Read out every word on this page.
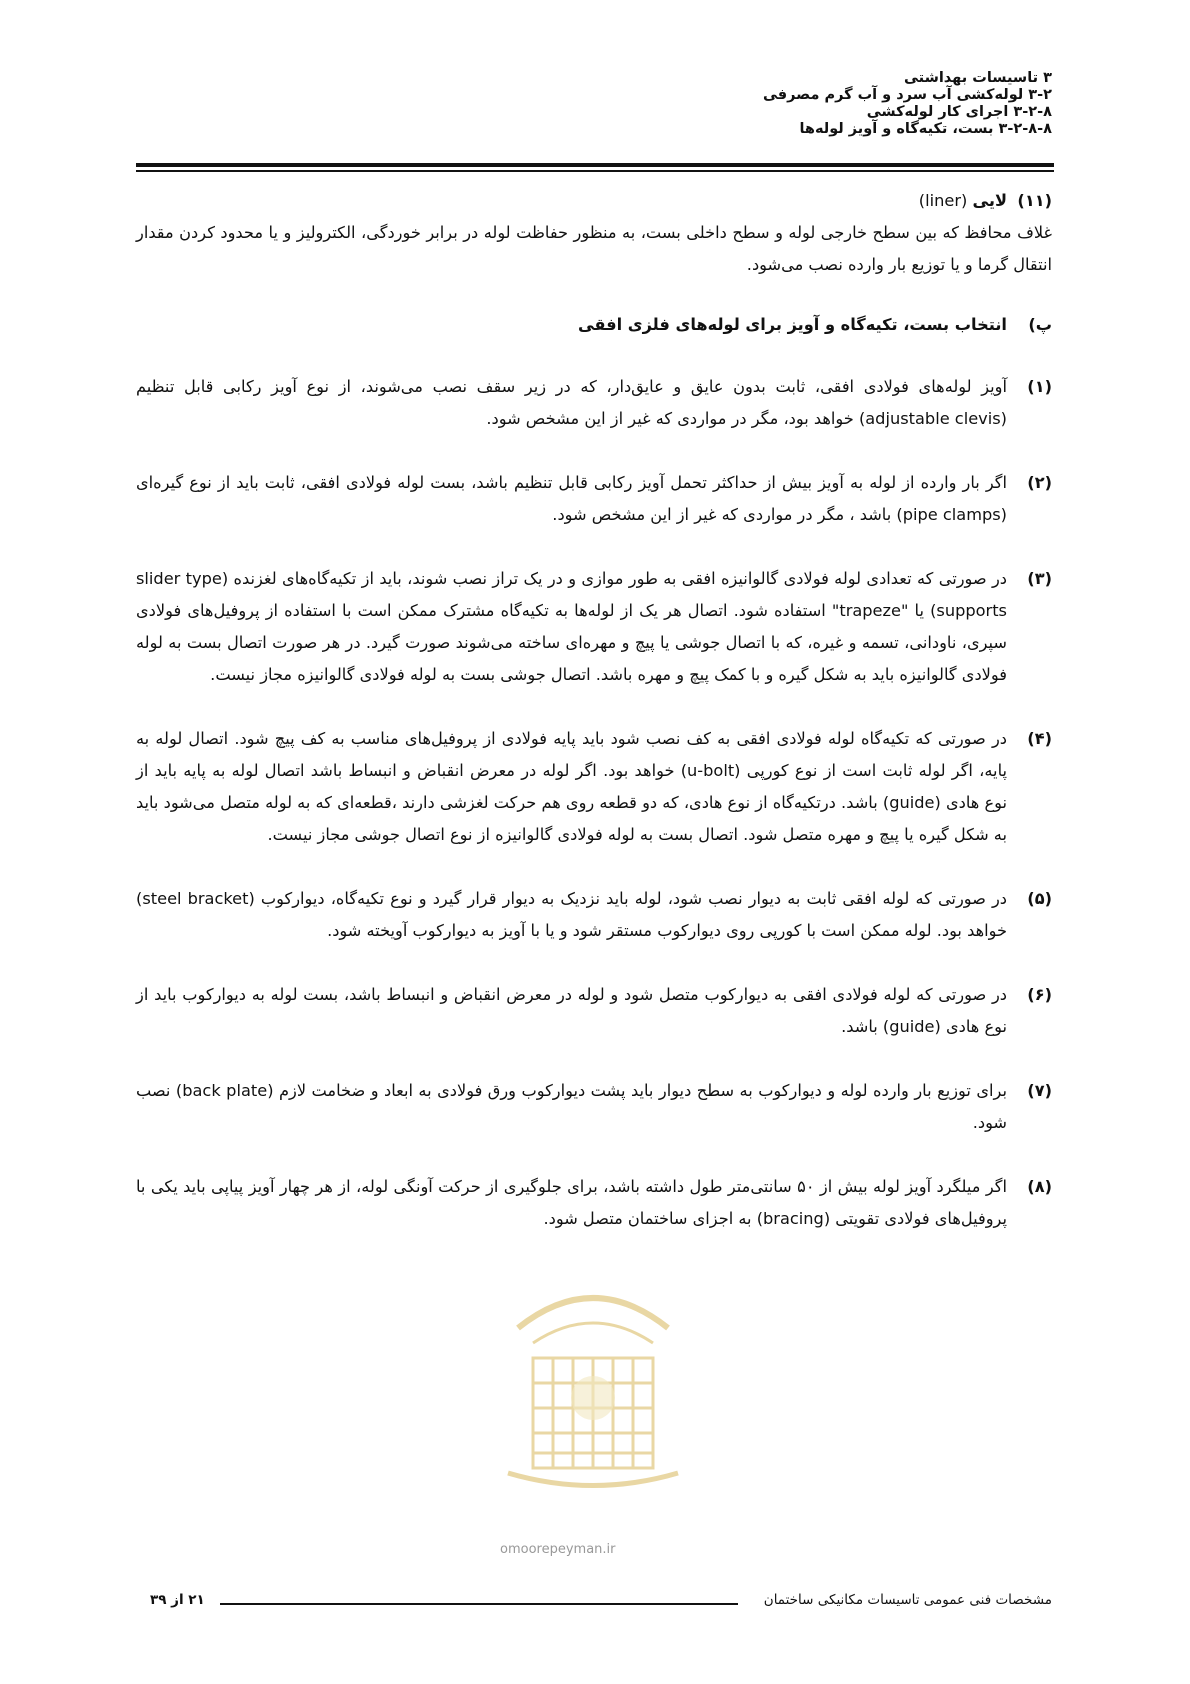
۳ تاسیسات بهداشتی
۳-۲ لوله‌کشی آب سرد و آب گرم مصرفی
۳-۲-۸ اجرای کار لوله‌کشی
۳-۲-۸-۸ بست، تکیه‌گاه و آویز لوله‌ها
(۱۱)
لایی (liner)
غلاف محافظ که بین سطح خارجی لوله و سطح داخلی بست، به منظور حفاظت لوله در برابر خوردگی، الکترولیز و یا محدود کردن مقدار انتقال گرما و یا توزیع بار وارده نصب می‌شود.
پ)
انتخاب بست، تکیه‌گاه و آویز برای لوله‌های فلزی افقی
(۱)
آویز لوله‌های فولادی افقی، ثابت بدون عایق و عایق‌دار، که در زیر سقف نصب می‌شوند، از نوع آویز رکابی قابل تنظیم (adjustable clevis) خواهد بود، مگر در مواردی که غیر از این مشخص شود.
(۲)
اگر بار وارده از لوله به آویز بیش از حداکثر تحمل آویز رکابی قابل تنظیم باشد، بست لوله فولادی افقی، ثابت باید از نوع گیره‌ای (pipe clamps) باشد ، مگر در مواردی که غیر از این مشخص شود.
(۳)
در صورتی که تعدادی لوله فولادی گالوانیزه افقی به طور موازی و در یک تراز نصب شوند، باید از تکیه‌گاه‌های لغزنده (slider type supports) یا "trapeze" استفاده شود. اتصال هر یک از لوله‌ها به تکیه‌گاه مشترک ممکن است با استفاده از پروفیل‌های فولادی سپری، ناودانی، تسمه و غیره، که با اتصال جوشی یا پیچ و مهره‌ای ساخته می‌شوند صورت گیرد. در هر صورت اتصال بست به لوله فولادی گالوانیزه باید به شکل گیره و با کمک پیچ و مهره باشد. اتصال جوشی بست به لوله فولادی گالوانیزه مجاز نیست.
(۴)
در صورتی که تکیه‌گاه لوله فولادی افقی به کف نصب شود باید پایه فولادی از پروفیل‌های مناسب به کف پیچ شود. اتصال لوله به پایه، اگر لوله ثابت است از نوع کورپی (u-bolt) خواهد بود. اگر لوله در معرض انقباض و انبساط باشد اتصال لوله به پایه باید از نوع هادی (guide) باشد. درتکیه‌گاه از نوع هادی، که دو قطعه روی هم حرکت لغزشی دارند ،قطعه‌ای که به لوله متصل می‌شود باید به شکل گیره یا پیچ و مهره متصل شود. اتصال بست به لوله فولادی گالوانیزه از نوع اتصال جوشی مجاز نیست.
(۵)
در صورتی که لوله افقی ثابت به دیوار نصب شود، لوله باید نزدیک به دیوار قرار گیرد و نوع تکیه‌گاه، دیوارکوب (steel bracket) خواهد بود. لوله ممکن است با کورپی روی دیوارکوب مستقر شود و یا با آویز به دیوارکوب آویخته شود.
(۶)
در صورتی که لوله فولادی افقی به دیوارکوب متصل شود و لوله در معرض انقباض و انبساط باشد، بست لوله به دیوارکوب باید از نوع هادی (guide) باشد.
(۷)
برای توزیع بار وارده لوله و دیوارکوب به سطح دیوار باید پشت دیوارکوب ورق فولادی به ابعاد و ضخامت لازم (back plate) نصب شود.
(۸)
اگر میلگرد آویز لوله بیش از ۵۰ سانتی‌متر طول داشته باشد، برای جلوگیری از حرکت آونگی لوله، از هر چهار آویز پیاپی باید یکی با پروفیل‌های فولادی تقویتی (bracing) به اجزای ساختمان متصل شود.
omoorepeyman.ir
مشخصات فنی عمومی تاسیسات مکانیکی ساختمان
۲۱ از ۳۹
